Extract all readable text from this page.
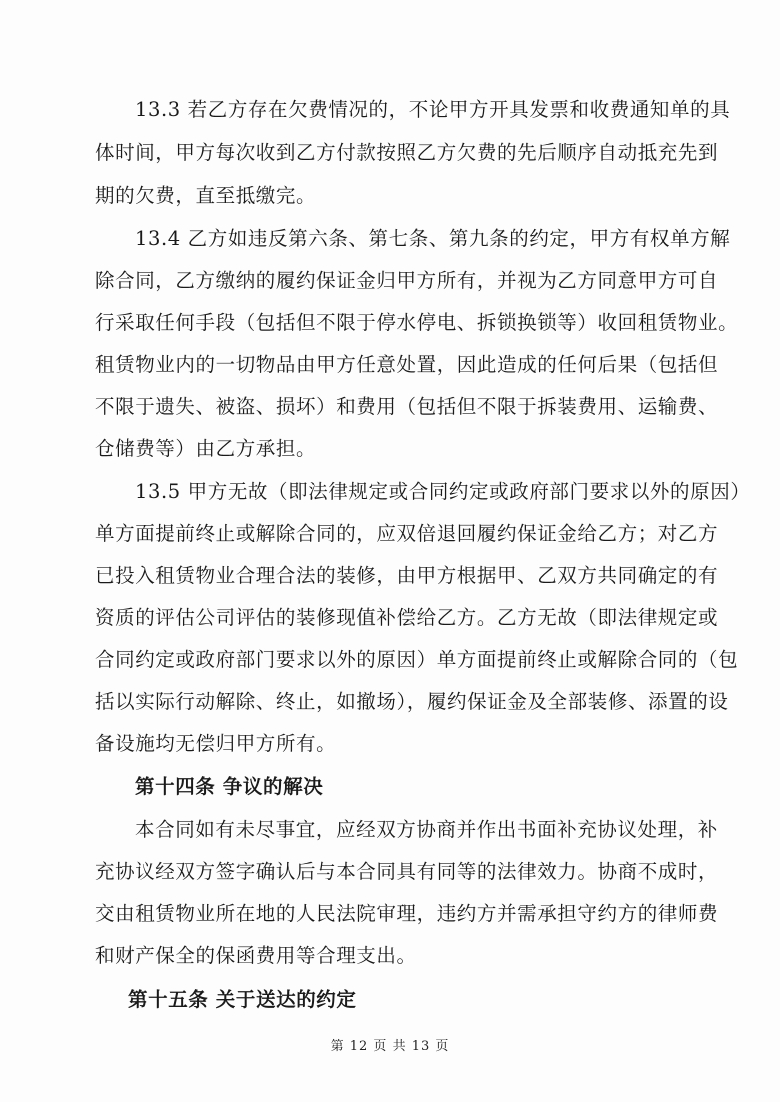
13.3 若乙方存在欠费情况的，不论甲方开具发票和收费通知单的具
体时间，甲方每次收到乙方付款按照乙方欠费的先后顺序自动抵充先到
期的欠费，直至抵缴完。
13.4 乙方如违反第六条、第七条、第九条的约定，甲方有权单方解
除合同，乙方缴纳的履约保证金归甲方所有，并视为乙方同意甲方可自
行采取任何手段（包括但不限于停水停电、拆锁换锁等）收回租赁物业。
租赁物业内的一切物品由甲方任意处置，因此造成的任何后果（包括但
不限于遗失、被盗、损坏）和费用（包括但不限于拆装费用、运输费、
仓储费等）由乙方承担。
13.5 甲方无故（即法律规定或合同约定或政府部门要求以外的原因）
单方面提前终止或解除合同的，应双倍退回履约保证金给乙方；对乙方
已投入租赁物业合理合法的装修，由甲方根据甲、乙双方共同确定的有
资质的评估公司评估的装修现值补偿给乙方。乙方无故（即法律规定或
合同约定或政府部门要求以外的原因）单方面提前终止或解除合同的（包
括以实际行动解除、终止，如撤场），履约保证金及全部装修、添置的设
备设施均无偿归甲方所有。
第十四条 争议的解决
本合同如有未尽事宜，应经双方协商并作出书面补充协议处理，补
充协议经双方签字确认后与本合同具有同等的法律效力。协商不成时，
交由租赁物业所在地的人民法院审理，违约方并需承担守约方的律师费
和财产保全的保函费用等合理支出。
第十五条 关于送达的约定
第 12 页 共 13 页
